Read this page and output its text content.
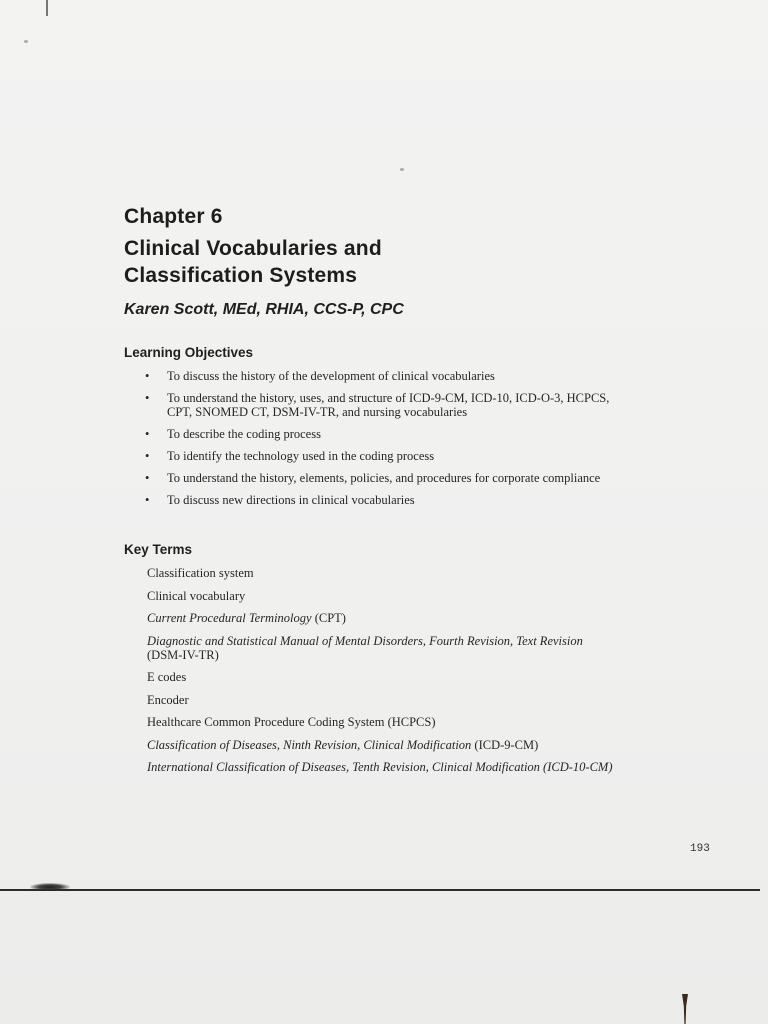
Chapter 6
Clinical Vocabularies and
Classification Systems
Karen Scott, MEd, RHIA, CCS-P, CPC
Learning Objectives
• To discuss the history of the development of clinical vocabularies
• To understand the history, uses, and structure of ICD-9-CM, ICD-10, ICD-O-3, HCPCS, CPT, SNOMED CT, DSM-IV-TR, and nursing vocabularies
• To describe the coding process
• To identify the technology used in the coding process
• To understand the history, elements, policies, and procedures for corporate compliance
• To discuss new directions in clinical vocabularies
Key Terms
Classification system
Clinical vocabulary
Current Procedural Terminology (CPT)
Diagnostic and Statistical Manual of Mental Disorders, Fourth Revision, Text Revision (DSM-IV-TR)
E codes
Encoder
Healthcare Common Procedure Coding System (HCPCS)
Classification of Diseases, Ninth Revision, Clinical Modification (ICD-9-CM)
International Classification of Diseases, Tenth Revision, Clinical Modification (ICD-10-CM)
193
